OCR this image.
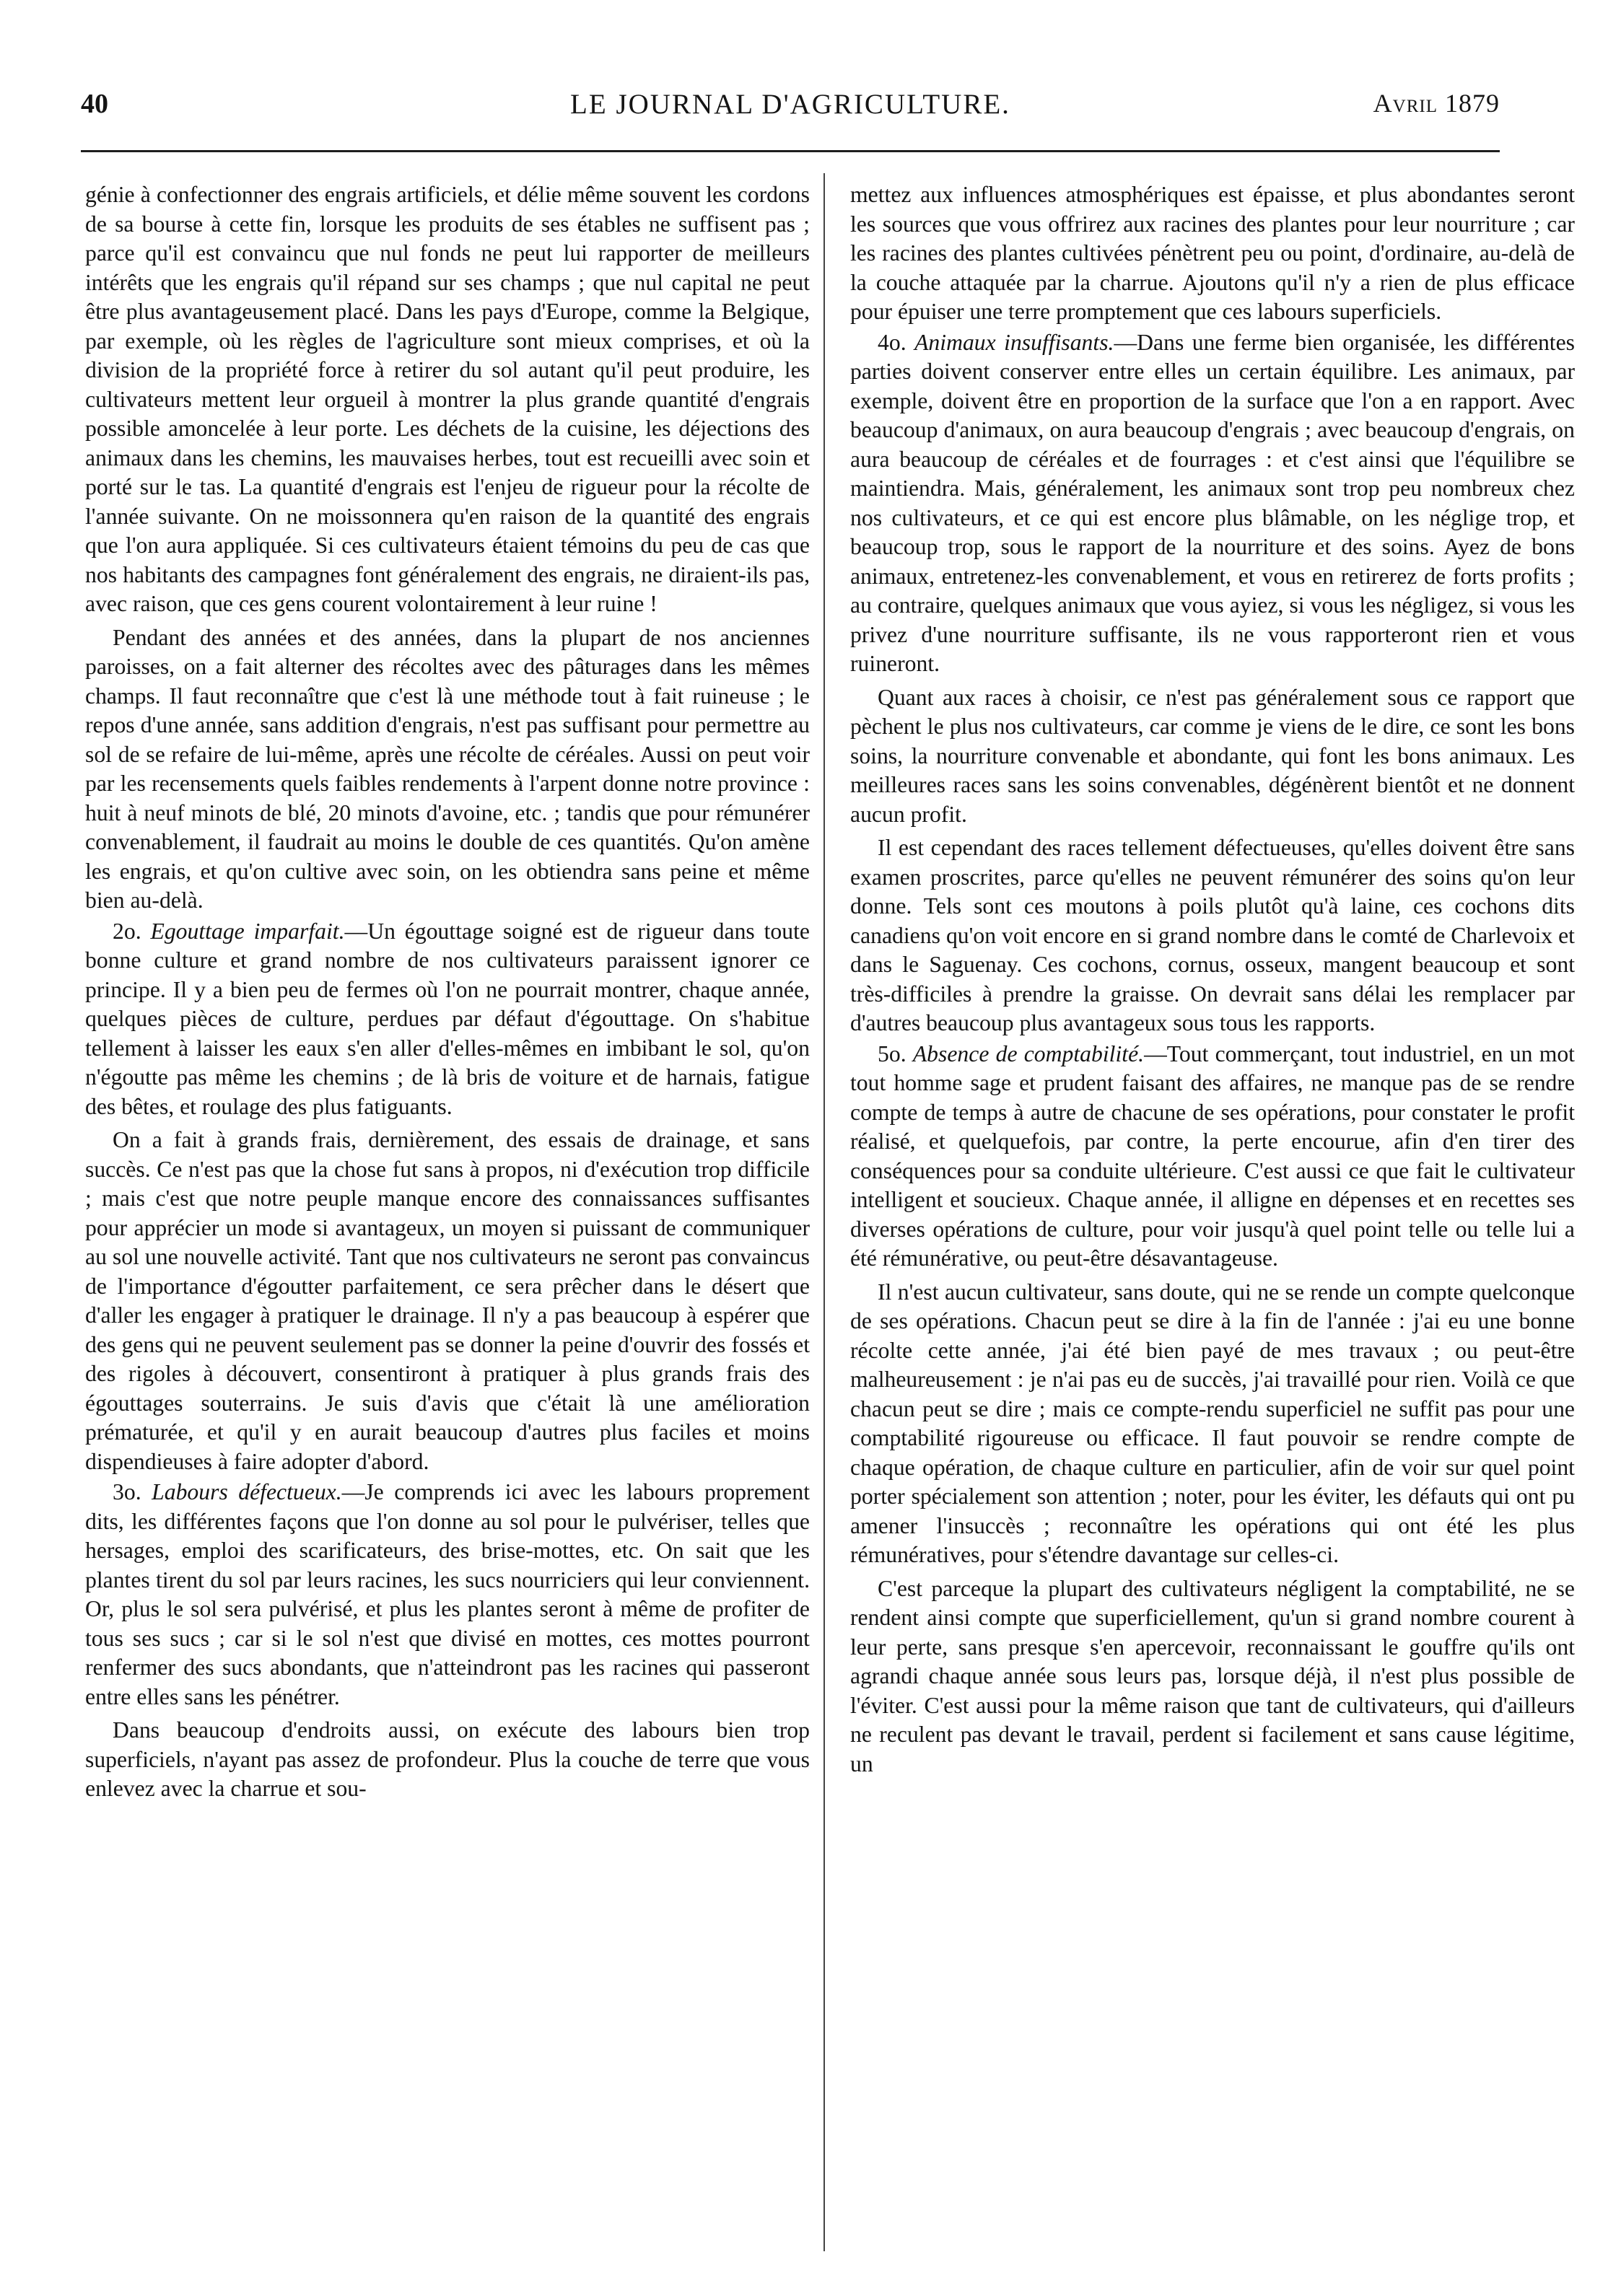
40	LE JOURNAL D'AGRICULTURE.	Avril 1879

génie à confectionner des engrais artificiels, et délie même souvent les cordons de sa bourse à cette fin, lorsque les produits de ses étables ne suffisent pas ; parce qu'il est convaincu que nul fonds ne peut lui rapporter de meilleurs intérêts que les engrais qu'il répand sur ses champs ; que nul capital ne peut être plus avantageusement placé. Dans les pays d'Europe, comme la Belgique, par exemple, où les règles de l'agriculture sont mieux comprises, et où la division de la propriété force à retirer du sol autant qu'il peut produire, les cultivateurs mettent leur orgueil à montrer la plus grande quantité d'engrais possible amoncelée à leur porte. Les déchets de la cuisine, les déjections des animaux dans les chemins, les mauvaises herbes, tout est recueilli avec soin et porté sur le tas. La quantité d'engrais est l'enjeu de rigueur pour la récolte de l'année suivante. On ne moissonnera qu'en raison de la quantité des engrais que l'on aura appliquée. Si ces cultivateurs étaient témoins du peu de cas que nos habitants des campagnes font généralement des engrais, ne diraient-ils pas, avec raison, que ces gens courent volontairement à leur ruine !

Pendant des années et des années, dans la plupart de nos anciennes paroisses, on a fait alterner des récoltes avec des pâturages dans les mêmes champs. Il faut reconnaître que c'est là une méthode tout à fait ruineuse ; le repos d'une année, sans addition d'engrais, n'est pas suffisant pour permettre au sol de se refaire de lui-même, après une récolte de céréales. Aussi on peut voir par les recensements quels faibles rendements à l'arpent donne notre province : huit à neuf minots de blé, 20 minots d'avoine, etc. ; tandis que pour rémunérer convenablement, il faudrait au moins le double de ces quantités. Qu'on amène les engrais, et qu'on cultive avec soin, on les obtiendra sans peine et même bien au-delà.

2o. Egouttage imparfait.—Un égouttage soigné est de rigueur dans toute bonne culture et grand nombre de nos cultivateurs paraissent ignorer ce principe. Il y a bien peu de fermes où l'on ne pourrait montrer, chaque année, quelques pièces de culture, perdues par défaut d'égouttage. On s'habitue tellement à laisser les eaux s'en aller d'elles-mêmes en imbibant le sol, qu'on n'égoutte pas même les chemins ; de là bris de voiture et de harnais, fatigue des bêtes, et roulage des plus fatiguants.

On a fait à grands frais, dernièrement, des essais de drainage, et sans succès. Ce n'est pas que la chose fut sans à propos, ni d'exécution trop difficile ; mais c'est que notre peuple manque encore des connaissances suffisantes pour apprécier un mode si avantageux, un moyen si puissant de communiquer au sol une nouvelle activité. Tant que nos cultivateurs ne seront pas convaincus de l'importance d'égoutter parfaitement, ce sera prêcher dans le désert que d'aller les engager à pratiquer le drainage. Il n'y a pas beaucoup à espérer que des gens qui ne peuvent seulement pas se donner la peine d'ouvrir des fossés et des rigoles à découvert, consentiront à pratiquer à plus grands frais des égouttages souterrains. Je suis d'avis que c'était là une amélioration prématurée, et qu'il y en aurait beaucoup d'autres plus faciles et moins dispendieuses à faire adopter d'abord.

3o. Labours défectueux.—Je comprends ici avec les labours proprement dits, les différentes façons que l'on donne au sol pour le pulvériser, telles que hersages, emploi des scarificateurs, des brise-mottes, etc. On sait que les plantes tirent du sol par leurs racines, les sucs nourriciers qui leur conviennent. Or, plus le sol sera pulvérisé, et plus les plantes seront à même de profiter de tous ses sucs ; car si le sol n'est que divisé en mottes, ces mottes pourront renfermer des sucs abondants, que n'atteindront pas les racines qui passeront entre elles sans les pénétrer.

Dans beaucoup d'endroits aussi, on exécute des labours bien trop superficiels, n'ayant pas assez de profondeur. Plus la couche de terre que vous enlevez avec la charrue et sou-

mettez aux influences atmosphériques est épaisse, et plus abondantes seront les sources que vous offrirez aux racines des plantes pour leur nourriture ; car les racines des plantes cultivées pénètrent peu ou point, d'ordinaire, au-delà de la couche attaquée par la charrue. Ajoutons qu'il n'y a rien de plus efficace pour épuiser une terre promptement que ces labours superficiels.

4o. Animaux insuffisants.—Dans une ferme bien organisée, les différentes parties doivent conserver entre elles un certain équilibre. Les animaux, par exemple, doivent être en proportion de la surface que l'on a en rapport. Avec beaucoup d'animaux, on aura beaucoup d'engrais ; avec beaucoup d'engrais, on aura beaucoup de céréales et de fourrages : et c'est ainsi que l'équilibre se maintiendra. Mais, généralement, les animaux sont trop peu nombreux chez nos cultivateurs, et ce qui est encore plus blâmable, on les néglige trop, et beaucoup trop, sous le rapport de la nourriture et des soins. Ayez de bons animaux, entretenez-les convenablement, et vous en retirerez de forts profits ; au contraire, quelques animaux que vous ayiez, si vous les négligez, si vous les privez d'une nourriture suffisante, ils ne vous rapporteront rien et vous ruineront.

Quant aux races à choisir, ce n'est pas généralement sous ce rapport que pèchent le plus nos cultivateurs, car comme je viens de le dire, ce sont les bons soins, la nourriture convenable et abondante, qui font les bons animaux. Les meilleures races sans les soins convenables, dégénèrent bientôt et ne donnent aucun profit.

Il est cependant des races tellement défectueuses, qu'elles doivent être sans examen proscrites, parce qu'elles ne peuvent rémunérer des soins qu'on leur donne. Tels sont ces moutons à poils plutôt qu'à laine, ces cochons dits canadiens qu'on voit encore en si grand nombre dans le comté de Charlevoix et dans le Saguenay. Ces cochons, cornus, osseux, mangent beaucoup et sont très-difficiles à prendre la graisse. On devrait sans délai les remplacer par d'autres beaucoup plus avantageux sous tous les rapports.

5o. Absence de comptabilité.—Tout commerçant, tout industriel, en un mot tout homme sage et prudent faisant des affaires, ne manque pas de se rendre compte de temps à autre de chacune de ses opérations, pour constater le profit réalisé, et quelquefois, par contre, la perte encourue, afin d'en tirer des conséquences pour sa conduite ultérieure. C'est aussi ce que fait le cultivateur intelligent et soucieux. Chaque année, il alligne en dépenses et en recettes ses diverses opérations de culture, pour voir jusqu'à quel point telle ou telle lui a été rémunérative, ou peut-être désavantageuse.

Il n'est aucun cultivateur, sans doute, qui ne se rende un compte quelconque de ses opérations. Chacun peut se dire à la fin de l'année : j'ai eu une bonne récolte cette année, j'ai été bien payé de mes travaux ; ou peut-être malheureusement : je n'ai pas eu de succès, j'ai travaillé pour rien. Voilà ce que chacun peut se dire ; mais ce compte-rendu superficiel ne suffit pas pour une comptabilité rigoureuse ou efficace. Il faut pouvoir se rendre compte de chaque opération, de chaque culture en particulier, afin de voir sur quel point porter spécialement son attention ; noter, pour les éviter, les défauts qui ont pu amener l'insuccès ; reconnaître les opérations qui ont été les plus rémunératives, pour s'étendre davantage sur celles-ci.

C'est parceque la plupart des cultivateurs négligent la comptabilité, ne se rendent ainsi compte que superficiellement, qu'un si grand nombre courent à leur perte, sans presque s'en apercevoir, reconnaissant le gouffre qu'ils ont agrandi chaque année sous leurs pas, lorsque déjà, il n'est plus possible de l'éviter. C'est aussi pour la même raison que tant de cultivateurs, qui d'ailleurs ne reculent pas devant le travail, perdent si facilement et sans cause légitime, un
